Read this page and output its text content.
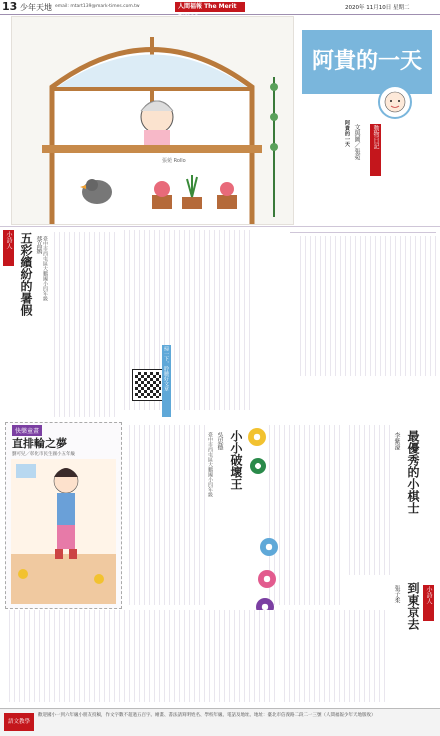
13 少年天地 email: mtart139@mark-times.com.tw	人間福報 The Merit	2020年 11月10日 星期二
張菀 Rollo
阿貴的一天
動物日記
文與圖／張菀
阿貴的一天
小詩人 五彩繽紛的暑假 蔡品嫣 臺中市西屯區大鵬國小四年級
掃一下，聆聽好文章
快樂童畫
直排輪之夢
劉可兒／彰化市民生國小五年級	小小破壞王
吳思德
臺中市西屯區大鵬國小四年級	最優秀的小棋士
李紫濠
小詩人
到東京去
張子柔
語文教學
歡迎國小一到六年級小朋友投稿，作文字數不超過五百字。繪畫、書法請寫明姓名、學校年級、電話及地址。地址：臺北市信義路二段二一三號（人間福報少年天地版收）
